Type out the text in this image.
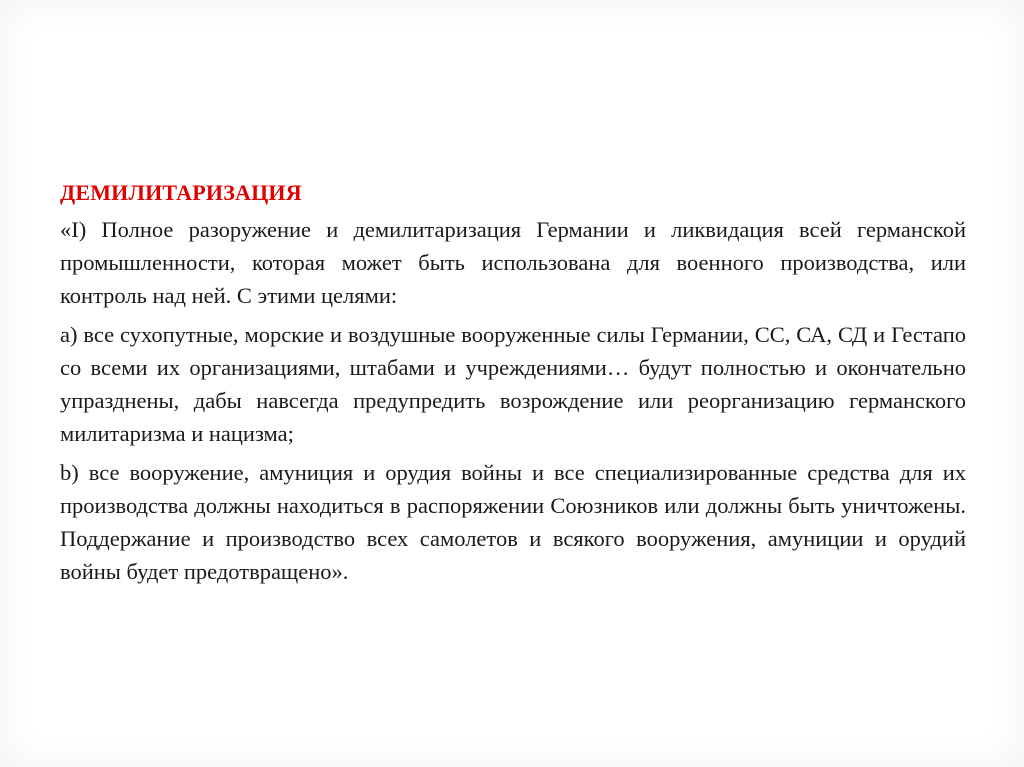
ДЕМИЛИТАРИЗАЦИЯ

«I) Полное разоружение и демилитаризация Германии и ликвидация всей германской промышленности, которая может быть использована для военного производства, или контроль над ней. С этими целями:

a) все сухопутные, морские и воздушные вооруженные силы Германии, СС, СА, СД и Гестапо со всеми их организациями, штабами и учреждениями… будут полностью и окончательно упразднены, дабы навсегда предупредить возрождение или реорганизацию германского милитаризма и нацизма;

b) все вооружение, амуниция и орудия войны и все специализированные средства для их производства должны находиться в распоряжении Союзников или должны быть уничтожены. Поддержание и производство всех самолетов и всякого вооружения, амуниции и орудий войны будет предотвращено».
